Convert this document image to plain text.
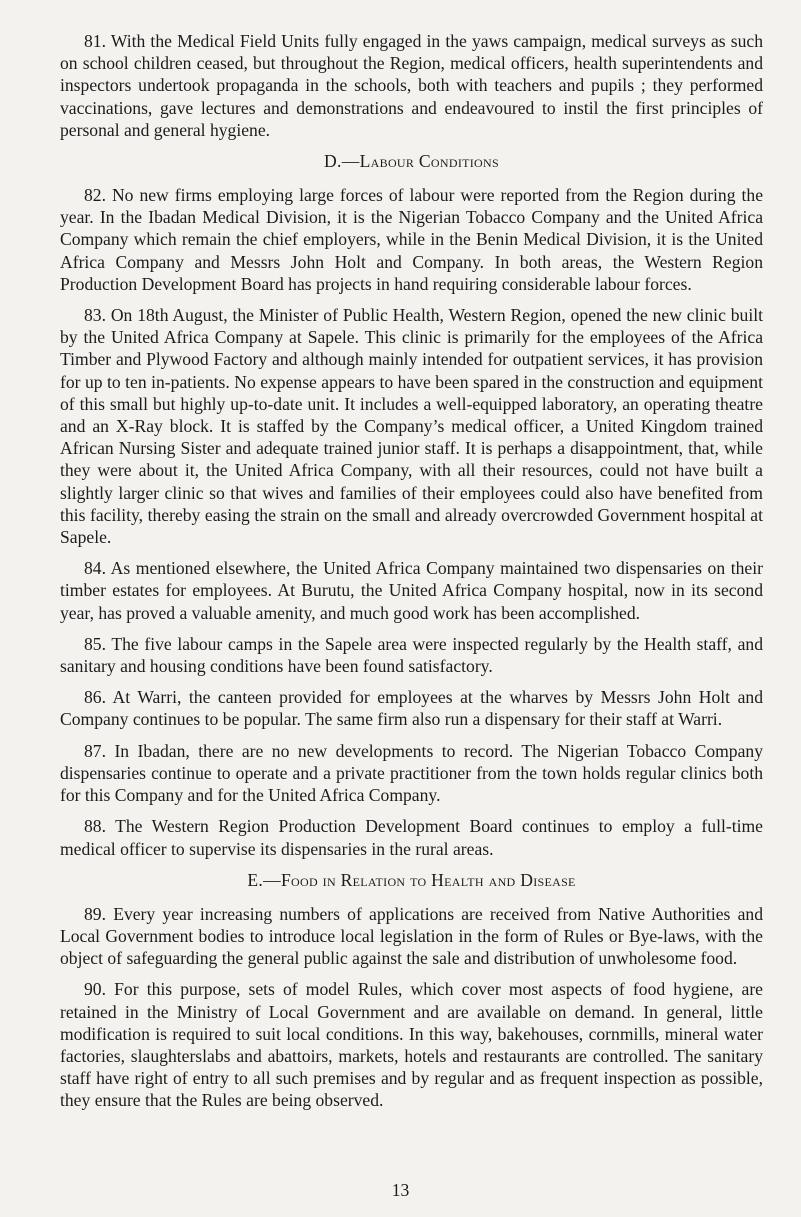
81. With the Medical Field Units fully engaged in the yaws campaign, medical surveys as such on school children ceased, but throughout the Region, medical officers, health superintendents and inspectors undertook propaganda in the schools, both with teachers and pupils ; they performed vaccinations, gave lectures and demonstrations and endeavoured to instil the first principles of personal and general hygiene.

D.—Labour Conditions

82. No new firms employing large forces of labour were reported from the Region during the year. In the Ibadan Medical Division, it is the Nigerian Tobacco Company and the United Africa Company which remain the chief employers, while in the Benin Medical Division, it is the United Africa Company and Messrs John Holt and Company. In both areas, the Western Region Production Development Board has projects in hand requiring considerable labour forces.

83. On 18th August, the Minister of Public Health, Western Region, opened the new clinic built by the United Africa Company at Sapele. This clinic is primarily for the employees of the Africa Timber and Plywood Factory and although mainly intended for outpatient services, it has provision for up to ten in-patients. No expense appears to have been spared in the construction and equipment of this small but highly up-to-date unit. It includes a well-equipped laboratory, an operating theatre and an X-Ray block. It is staffed by the Company’s medical officer, a United Kingdom trained African Nursing Sister and adequate trained junior staff. It is perhaps a disappointment, that, while they were about it, the United Africa Company, with all their resources, could not have built a slightly larger clinic so that wives and families of their employees could also have benefited from this facility, thereby easing the strain on the small and already overcrowded Government hospital at Sapele.

84. As mentioned elsewhere, the United Africa Company maintained two dispensaries on their timber estates for employees. At Burutu, the United Africa Company hospital, now in its second year, has proved a valuable amenity, and much good work has been accomplished.

85. The five labour camps in the Sapele area were inspected regularly by the Health staff, and sanitary and housing conditions have been found satisfactory.

86. At Warri, the canteen provided for employees at the wharves by Messrs John Holt and Company continues to be popular. The same firm also run a dispensary for their staff at Warri.

87. In Ibadan, there are no new developments to record. The Nigerian Tobacco Company dispensaries continue to operate and a private practitioner from the town holds regular clinics both for this Company and for the United Africa Company.

88. The Western Region Production Development Board continues to employ a full-time medical officer to supervise its dispensaries in the rural areas.

E.—Food in Relation to Health and Disease

89. Every year increasing numbers of applications are received from Native Authorities and Local Government bodies to introduce local legislation in the form of Rules or Bye-laws, with the object of safeguarding the general public against the sale and distribution of unwholesome food.

90. For this purpose, sets of model Rules, which cover most aspects of food hygiene, are retained in the Ministry of Local Government and are available on demand. In general, little modification is required to suit local conditions. In this way, bakehouses, cornmills, mineral water factories, slaughterslabs and abattoirs, markets, hotels and restaurants are controlled. The sanitary staff have right of entry to all such premises and by regular and as frequent inspection as possible, they ensure that the Rules are being observed.

13
